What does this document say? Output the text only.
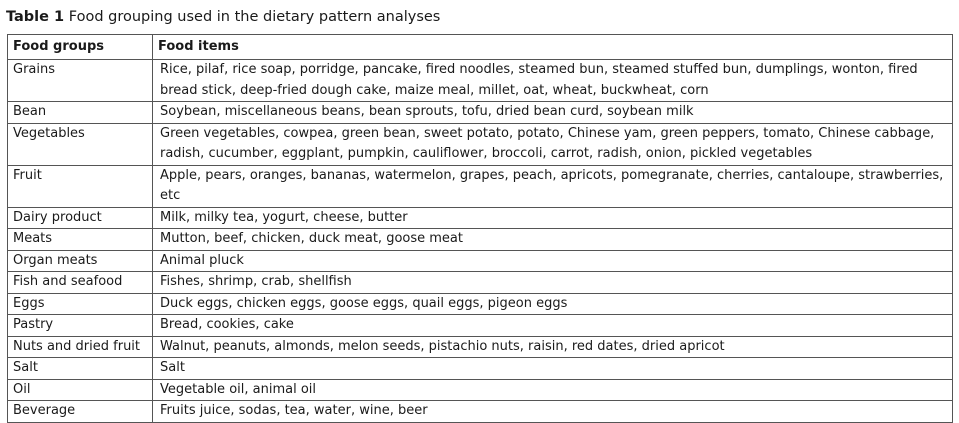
Table 1 Food grouping used in the dietary pattern analyses
Food groups	Food items
Grains	Rice, pilaf, rice soap, porridge, pancake, fired noodles, steamed bun, steamed stuffed bun, dumplings, wonton, fired bread stick, deep-fried dough cake, maize meal, millet, oat, wheat, buckwheat, corn
Bean	Soybean, miscellaneous beans, bean sprouts, tofu, dried bean curd, soybean milk
Vegetables	Green vegetables, cowpea, green bean, sweet potato, potato, Chinese yam, green peppers, tomato, Chinese cabbage, radish, cucumber, eggplant, pumpkin, cauliflower, broccoli, carrot, radish, onion, pickled vegetables
Fruit	Apple, pears, oranges, bananas, watermelon, grapes, peach, apricots, pomegranate, cherries, cantaloupe, strawberries, etc
Dairy product	Milk, milky tea, yogurt, cheese, butter
Meats	Mutton, beef, chicken, duck meat, goose meat
Organ meats	Animal pluck
Fish and seafood	Fishes, shrimp, crab, shellfish
Eggs	Duck eggs, chicken eggs, goose eggs, quail eggs, pigeon eggs
Pastry	Bread, cookies, cake
Nuts and dried fruit	Walnut, peanuts, almonds, melon seeds, pistachio nuts, raisin, red dates, dried apricot
Salt	Salt
Oil	Vegetable oil, animal oil
Beverage	Fruits juice, sodas, tea, water, wine, beer
